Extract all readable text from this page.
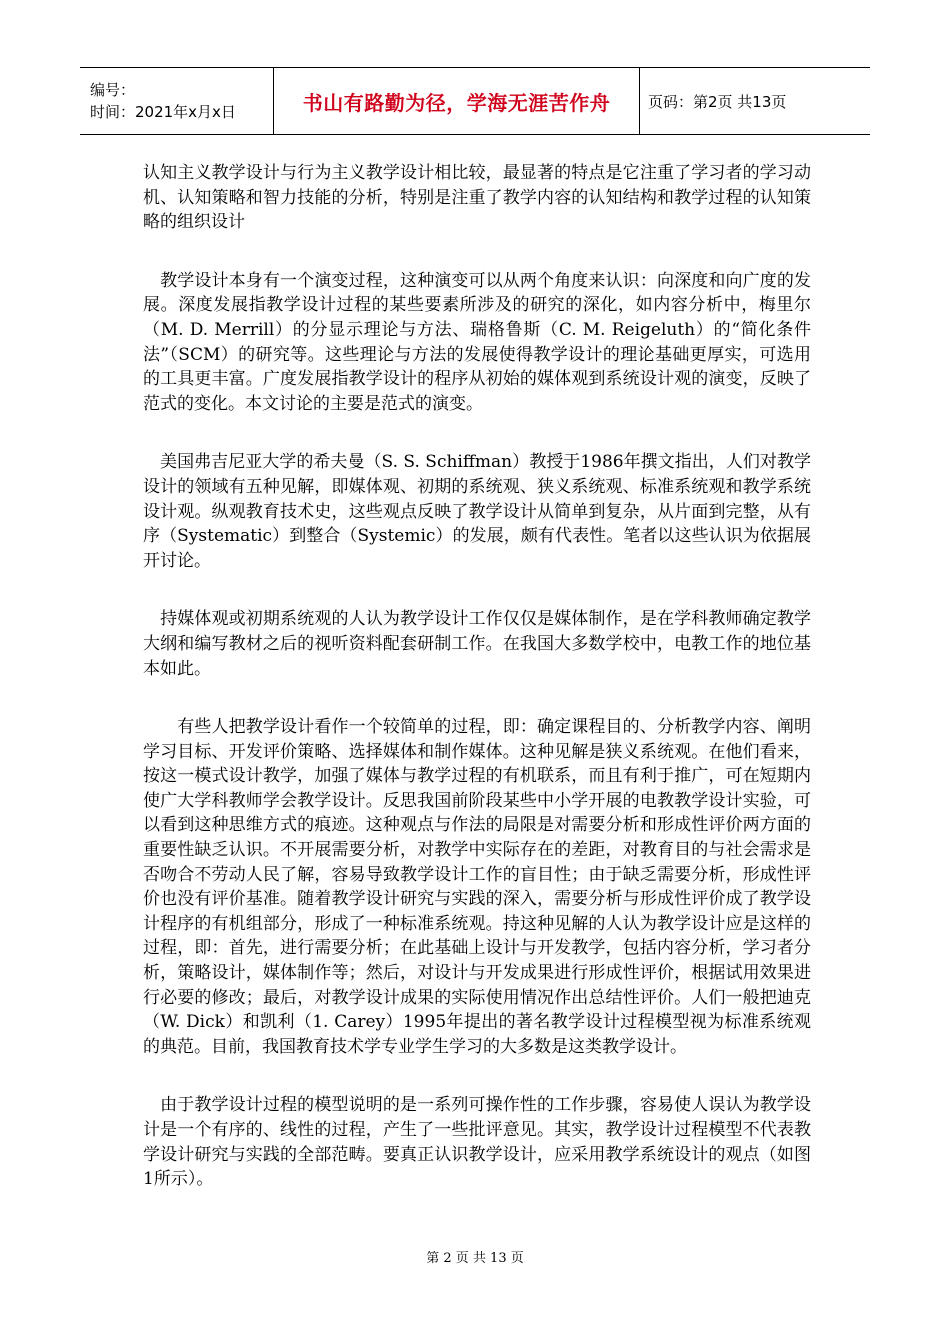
编号：
时间：2021年x月x日	书山有路勤为径，学海无涯苦作舟	页码：第2页 共13页

认知主义教学设计与行为主义教学设计相比较，最显著的特点是它注重了学习者的学习动机、认知策略和智力技能的分析，特别是注重了教学内容的认知结构和教学过程的认知策略的组织设计

　教学设计本身有一个演变过程，这种演变可以从两个角度来认识：向深度和向广度的发展。深度发展指教学设计过程的某些要素所涉及的研究的深化，如内容分析中，梅里尔（M. D. Merrill）的分显示理论与方法、瑞格鲁斯（C. M. Reigeluth）的“简化条件法”（SCM）的研究等。这些理论与方法的发展使得教学设计的理论基础更厚实，可选用的工具更丰富。广度发展指教学设计的程序从初始的媒体观到系统设计观的演变，反映了范式的变化。本文讨论的主要是范式的演变。

　美国弗吉尼亚大学的希夫曼（S. S. Schiffman）教授于1986年撰文指出，人们对教学设计的领域有五种见解，即媒体观、初期的系统观、狭义系统观、标准系统观和教学系统设计观。纵观教育技术史，这些观点反映了教学设计从简单到复杂，从片面到完整，从有序（Systematic）到整合（Systemic）的发展，颇有代表性。笔者以这些认识为依据展开讨论。

　持媒体观或初期系统观的人认为教学设计工作仅仅是媒体制作，是在学科教师确定教学大纲和编写教材之后的视听资料配套研制工作。在我国大多数学校中，电教工作的地位基本如此。

　　有些人把教学设计看作一个较简单的过程，即：确定课程目的、分析教学内容、阐明学习目标、开发评价策略、选择媒体和制作媒体。这种见解是狭义系统观。在他们看来，按这一模式设计教学，加强了媒体与教学过程的有机联系，而且有利于推广，可在短期内使广大学科教师学会教学设计。反思我国前阶段某些中小学开展的电教教学设计实验，可以看到这种思维方式的痕迹。这种观点与作法的局限是对需要分析和形成性评价两方面的重要性缺乏认识。不开展需要分析，对教学中实际存在的差距，对教育目的与社会需求是否吻合不劳动人民了解，容易导致教学设计工作的盲目性；由于缺乏需要分析，形成性评价也没有评价基准。随着教学设计研究与实践的深入，需要分析与形成性评价成了教学设计程序的有机组部分，形成了一种标准系统观。持这种见解的人认为教学设计应是这样的过程，即：首先，进行需要分析；在此基础上设计与开发教学，包括内容分析，学习者分析，策略设计，媒体制作等；然后，对设计与开发成果进行形成性评价，根据试用效果进行必要的修改；最后，对教学设计成果的实际使用情况作出总结性评价。人们一般把迪克（W. Dick）和凯利（1. Carey）1995年提出的著名教学设计过程模型视为标准系统观的典范。目前，我国教育技术学专业学生学习的大多数是这类教学设计。

　由于教学设计过程的模型说明的是一系列可操作性的工作步骤，容易使人误认为教学设计是一个有序的、线性的过程，产生了一些批评意见。其实，教学设计过程模型不代表教学设计研究与实践的全部范畴。要真正认识教学设计，应采用教学系统设计的观点（如图1所示）。

第 2 页 共 13 页
